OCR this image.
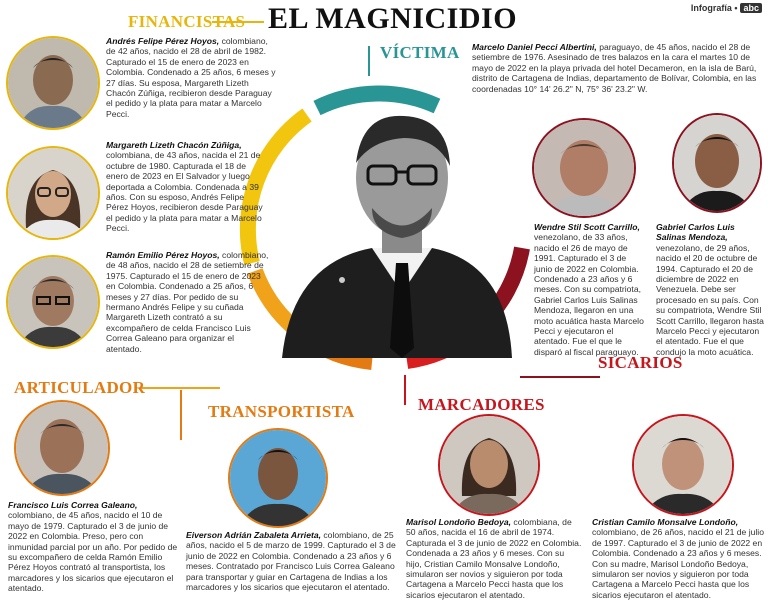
EL MAGNICIDIO	Infografía • abc
FINANCISTAS
VÍCTIMA
ARTICULADOR
TRANSPORTISTA	MARCADORES
SICARIOS
Marcelo Daniel Pecci Albertini, paraguayo, de 45 años, nacido el 28 de setiembre de 1976. Asesinado de tres balazos en la cara el martes 10 de mayo de 2022 en la playa privada del hotel Decameron, en la isla de Barú, distrito de Cartagena de Indias, departamento de Bolívar, Colombia, en las coordenadas 10° 14' 26.2" N, 75° 36' 23.2" W.
Andrés Felipe Pérez Hoyos, colombiano, de 42 años, nacido el 28 de abril de 1982. Capturado el 15 de enero de 2023 en Colombia. Condenado a 25 años, 6 meses y 27 días. Su esposa, Margareth Lizeth Chacón Zúñiga, recibieron desde Paraguay el pedido y la plata para matar a Marcelo Pecci.
Margareth Lizeth Chacón Zúñiga, colombiana, de 43 años, nacida el 21 de octubre de 1980. Capturada el 18 de enero de 2023 en El Salvador y luego deportada a Colombia. Condenada a 39 años. Con su esposo, Andrés Felipe Pérez Hoyos, recibieron desde Paraguay el pedido y la plata para matar a Marcelo Pecci.
Ramón Emilio Pérez Hoyos, colombiano, de 48 años, nacido el 28 de setiembre de 1975. Capturado el 15 de enero de 2023 en Colombia. Condenado a 25 años, 6 meses y 27 días. Por pedido de su hermano Andrés Felipe y su cuñada Margareth Lizeth contrató a su excompañero de celda Francisco Luis Correa Galeano para organizar el atentado.
Wendre Stil Scott Carrillo, venezolano, de 33 años, nacido el 26 de mayo de 1991. Capturado el 3 de junio de 2022 en Colombia. Condenado a 23 años y 6 meses. Con su compatriota, Gabriel Carlos Luis Salinas Mendoza, llegaron en una moto acuática hasta Marcelo Pecci y ejecutaron el atentado. Fue el que le disparó al fiscal paraguayo.
Gabriel Carlos Luis Salinas Mendoza, venezolano, de 29 años, nacido el 20 de octubre de 1994. Capturado el 20 de diciembre de 2022 en Venezuela. Debe ser procesado en su país. Con su compatriota, Wendre Stil Scott Carrillo, llegaron hasta Marcelo Pecci y ejecutaron el atentado. Fue el que condujo la moto acuática.
Francisco Luis Correa Galeano, colombiano, de 45 años, nacido el 10 de mayo de 1979. Capturado el 3 de junio de 2022 en Colombia. Preso, pero con inmunidad parcial por un año. Por pedido de su excompañero de celda Ramón Emilio Pérez Hoyos contrató al transportista, los marcadores y los sicarios que ejecutaron el atentado.
Eiverson Adrián Zabaleta Arrieta, colombiano, de 25 años, nacido el 5 de marzo de 1999. Capturado el 3 de junio de 2022 en Colombia. Condenado a 23 años y 6 meses. Contratado por Francisco Luis Correa Galeano para transportar y guiar en Cartagena de Indias a los marcadores y los sicarios que ejecutaron el atentado.
Marisol Londoño Bedoya, colombiana, de 50 años, nacida el 16 de abril de 1974. Capturada el 3 de junio de 2022 en Colombia. Condenada a 23 años y 6 meses. Con su hijo, Cristian Camilo Monsalve Londoño, simularon ser novios y siguieron por toda Cartagena a Marcelo Pecci hasta que los sicarios ejecutaron el atentado.
Cristian Camilo Monsalve Londoño, colombiano, de 26 años, nacido el 21 de julio de 1997. Capturado el 3 de junio de 2022 en Colombia. Condenado a 23 años y 6 meses. Con su madre, Marisol Londoño Bedoya, simularon ser novios y siguieron por toda Cartagena a Marcelo Pecci hasta que los sicarios ejecutaron el atentado.
